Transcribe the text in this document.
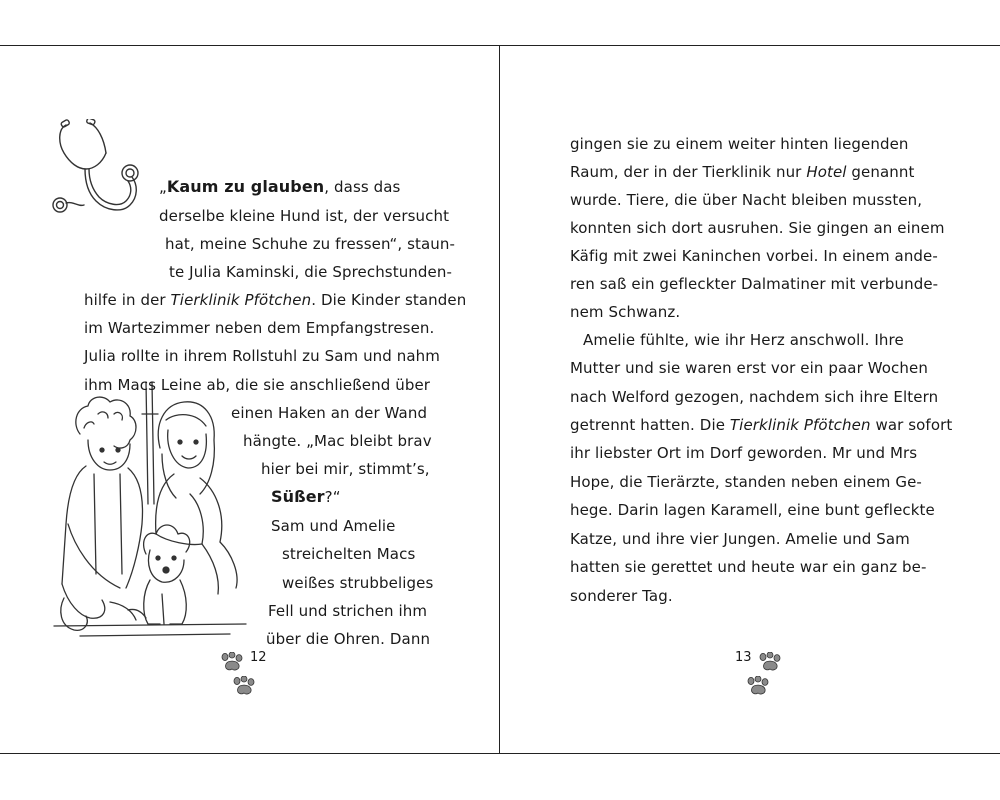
„Kaum zu glauben, dass das
derselbe kleine Hund ist, der versucht
hat, meine Schuhe zu fressen“, staun-
te Julia Kaminski, die Sprechstunden-
hilfe in der Tierklinik Pfötchen. Die Kinder standen
im Wartezimmer neben dem Empfangstresen.
Julia rollte in ihrem Rollstuhl zu Sam und nahm
ihm Macs Leine ab, die sie anschließend über
einen Haken an der Wand
hängte. „Mac bleibt brav
hier bei mir, stimmt’s,
Süßer?“
Sam und Amelie
streichelten Macs
weißes strubbeliges
Fell und strichen ihm
über die Ohren. Dann
12
gingen sie zu einem weiter hinten liegenden
Raum, der in der Tierklinik nur Hotel genannt
wurde. Tiere, die über Nacht bleiben mussten,
konnten sich dort ausruhen. Sie gingen an einem
Käfig mit zwei Kaninchen vorbei. In einem ande-
ren saß ein gefleckter Dalmatiner mit verbunde-
nem Schwanz.
Amelie fühlte, wie ihr Herz anschwoll. Ihre
Mutter und sie waren erst vor ein paar Wochen
nach Welford gezogen, nachdem sich ihre Eltern
getrennt hatten. Die Tierklinik Pfötchen war sofort
ihr liebster Ort im Dorf geworden. Mr und Mrs
Hope, die Tierärzte, standen neben einem Ge-
hege. Darin lagen Karamell, eine bunt gefleckte
Katze, und ihre vier Jungen. Amelie und Sam
hatten sie gerettet und heute war ein ganz be-
sonderer Tag.
13
